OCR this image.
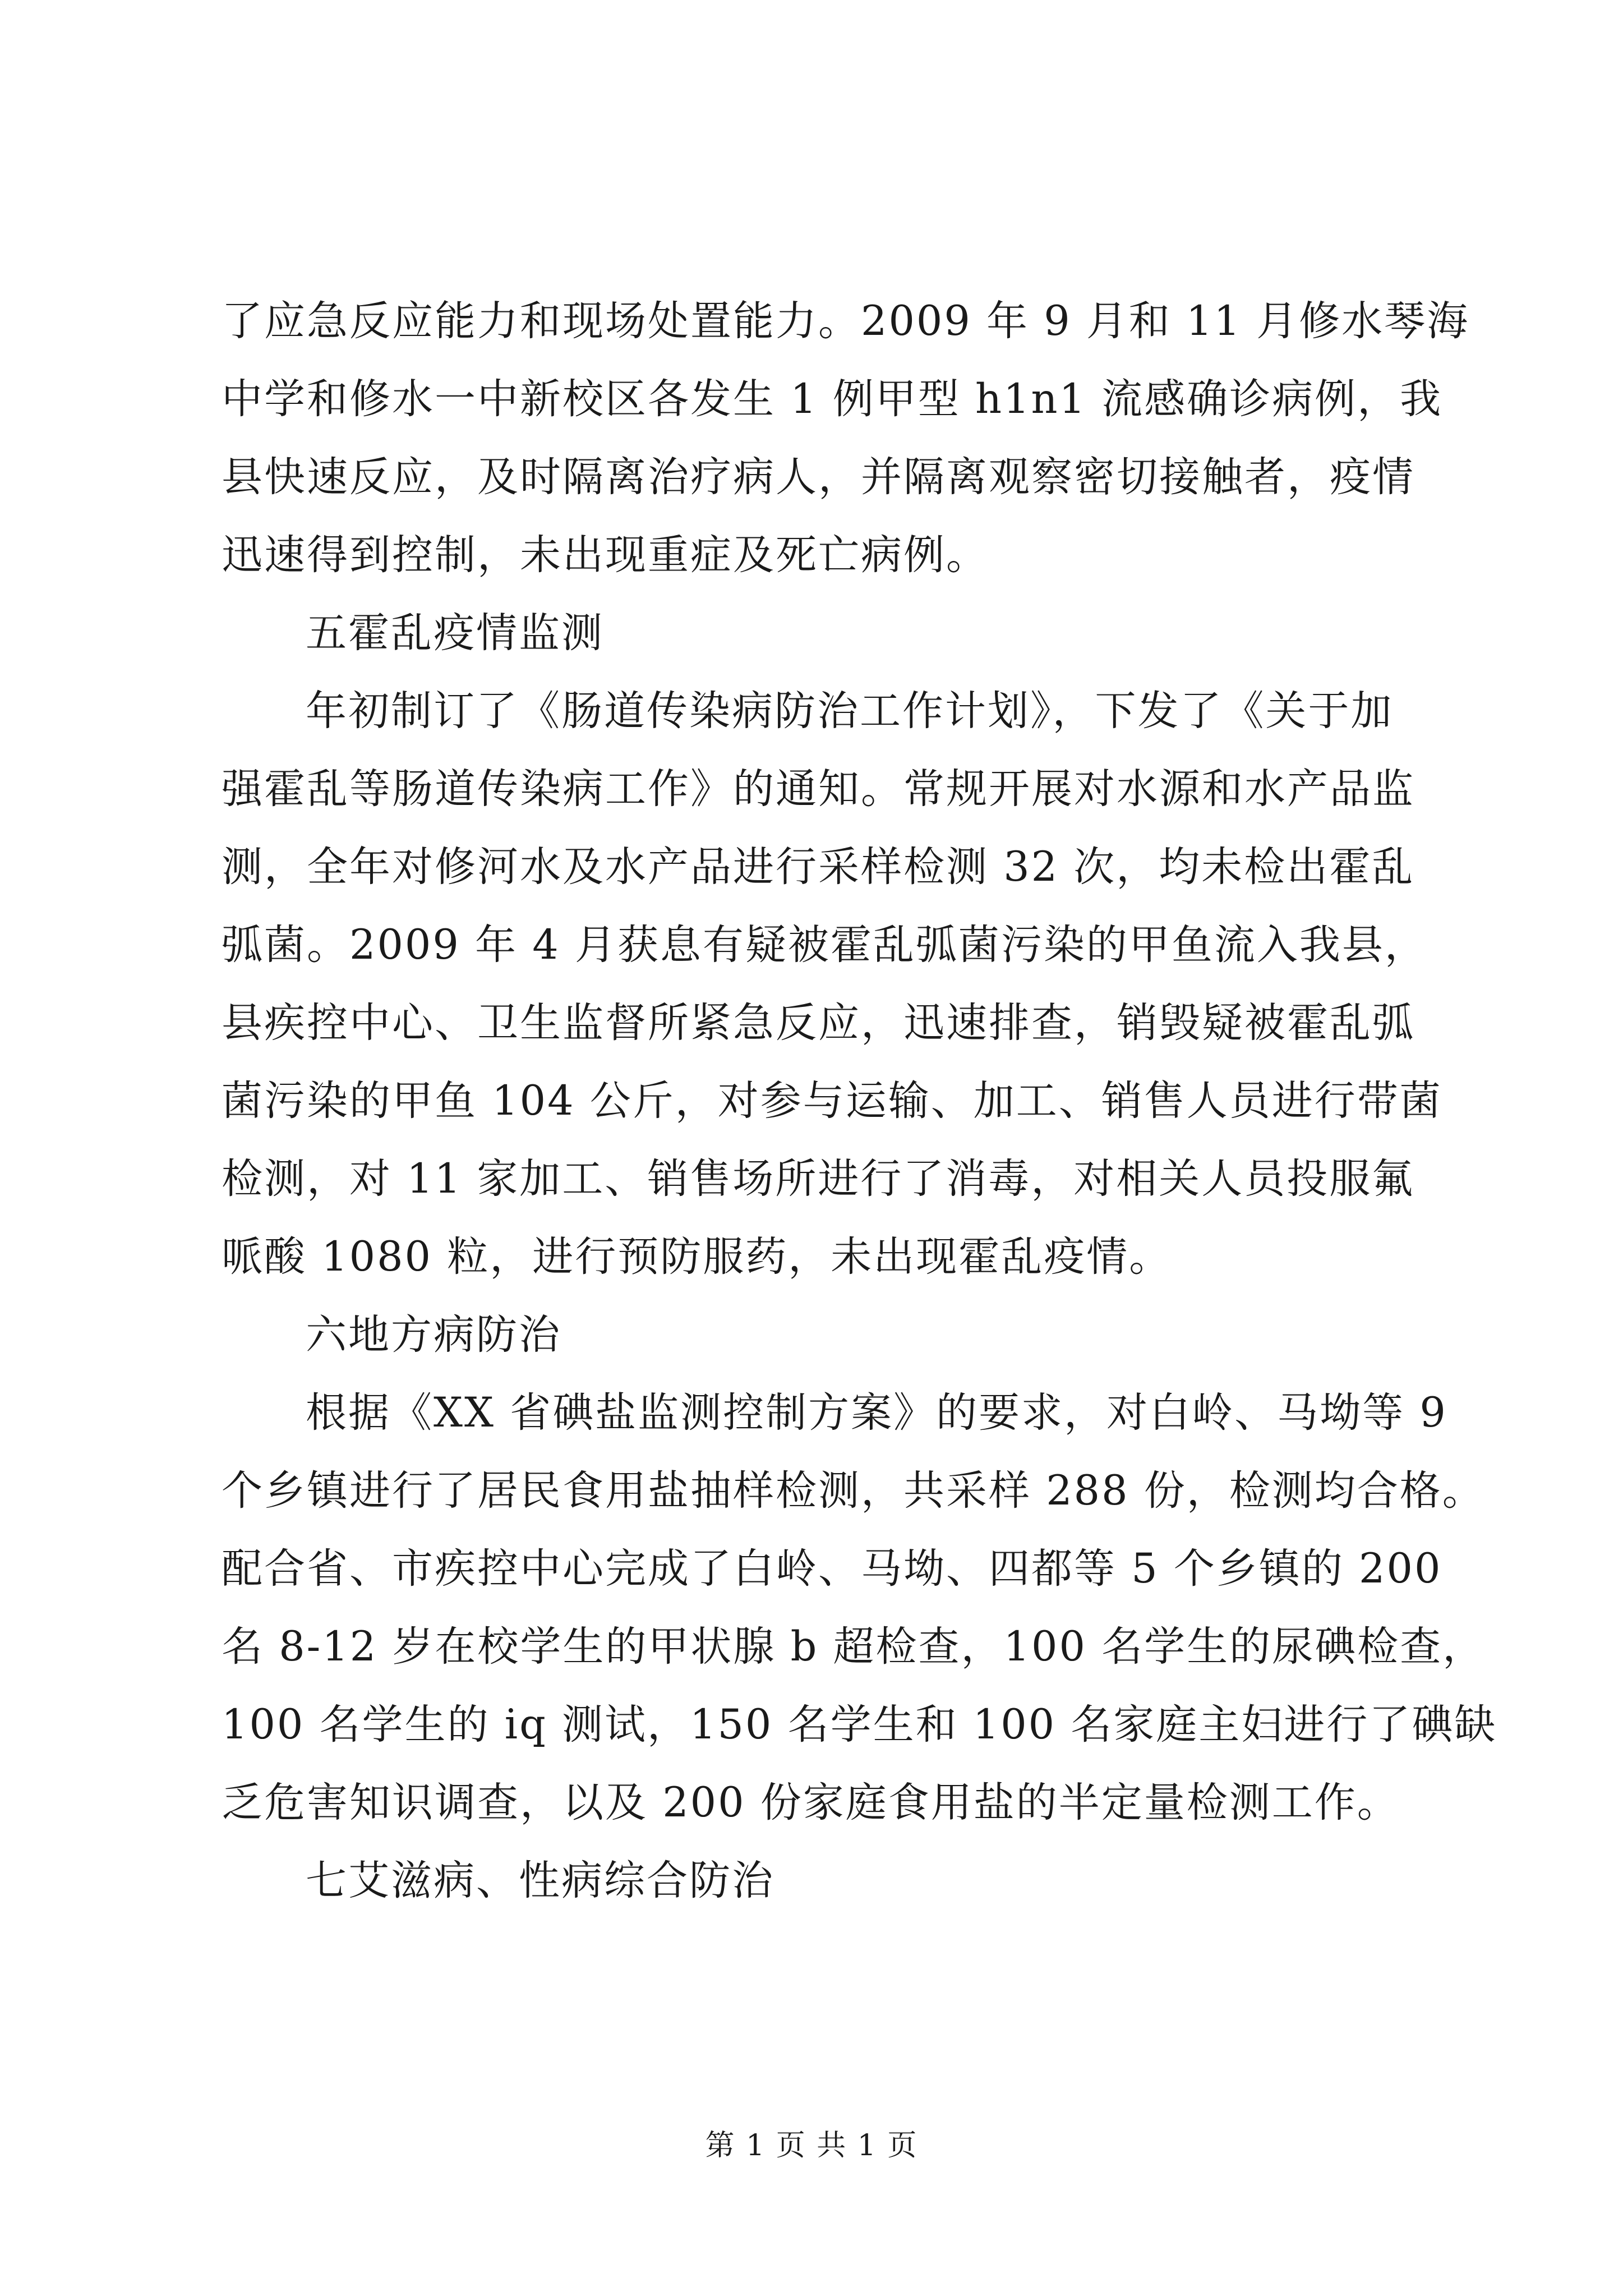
了应急反应能力和现场处置能力。2009 年 9 月和 11 月修水琴海
中学和修水一中新校区各发生 1 例甲型 h1n1 流感确诊病例，我
县快速反应，及时隔离治疗病人，并隔离观察密切接触者，疫情
迅速得到控制，未出现重症及死亡病例。
五霍乱疫情监测
年初制订了《肠道传染病防治工作计划》，下发了《关于加
强霍乱等肠道传染病工作》的通知。常规开展对水源和水产品监
测，全年对修河水及水产品进行采样检测 32 次，均未检出霍乱
弧菌。2009 年 4 月获息有疑被霍乱弧菌污染的甲鱼流入我县，
县疾控中心、卫生监督所紧急反应，迅速排查，销毁疑被霍乱弧
菌污染的甲鱼 104 公斤，对参与运输、加工、销售人员进行带菌
检测，对 11 家加工、销售场所进行了消毒，对相关人员投服氟
哌酸 1080 粒，进行预防服药，未出现霍乱疫情。
六地方病防治
根据《XX 省碘盐监测控制方案》的要求，对白岭、马坳等 9
个乡镇进行了居民食用盐抽样检测，共采样 288 份，检测均合格。
配合省、市疾控中心完成了白岭、马坳、四都等 5 个乡镇的 200
名 8-12 岁在校学生的甲状腺 b 超检查，100 名学生的尿碘检查，
100 名学生的 iq 测试，150 名学生和 100 名家庭主妇进行了碘缺
乏危害知识调查，以及 200 份家庭食用盐的半定量检测工作。
七艾滋病、性病综合防治
第 1 页 共 1 页
